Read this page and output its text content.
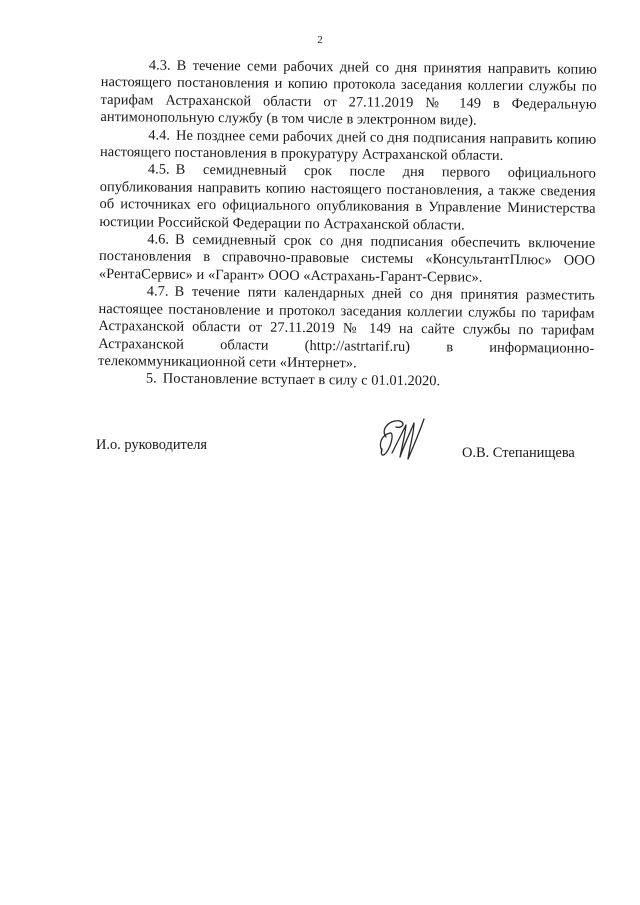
2

4.3. В течение семи рабочих дней со дня принятия направить копию настоящего постановления и копию протокола заседания коллегии службы по тарифам Астраханской области от 27.11.2019 № 149 в Федеральную антимонопольную службу (в том числе в электронном виде).

4.4. Не позднее семи рабочих дней со дня подписания направить копию настоящего постановления в прокуратуру Астраханской области.

4.5. В семидневный срок после дня первого официального опубликования направить копию настоящего постановления, а также сведения об источниках его официального опубликования в Управление Министерства юстиции Российской Федерации по Астраханской области.

4.6. В семидневный срок со дня подписания обеспечить включение постановления в справочно-правовые системы «КонсультантПлюс» ООО «РентаСервис» и «Гарант» ООО «Астрахань-Гарант-Сервис».

4.7. В течение пяти календарных дней со дня принятия разместить настоящее постановление и протокол заседания коллегии службы по тарифам Астраханской области от 27.11.2019 № 149 на сайте службы по тарифам Астраханской области (http://astrtarif.ru) в информационно-телекоммуникационной сети «Интернет».

5. Постановление вступает в силу с 01.01.2020.

И.о. руководителя	О.В. Степанищева
